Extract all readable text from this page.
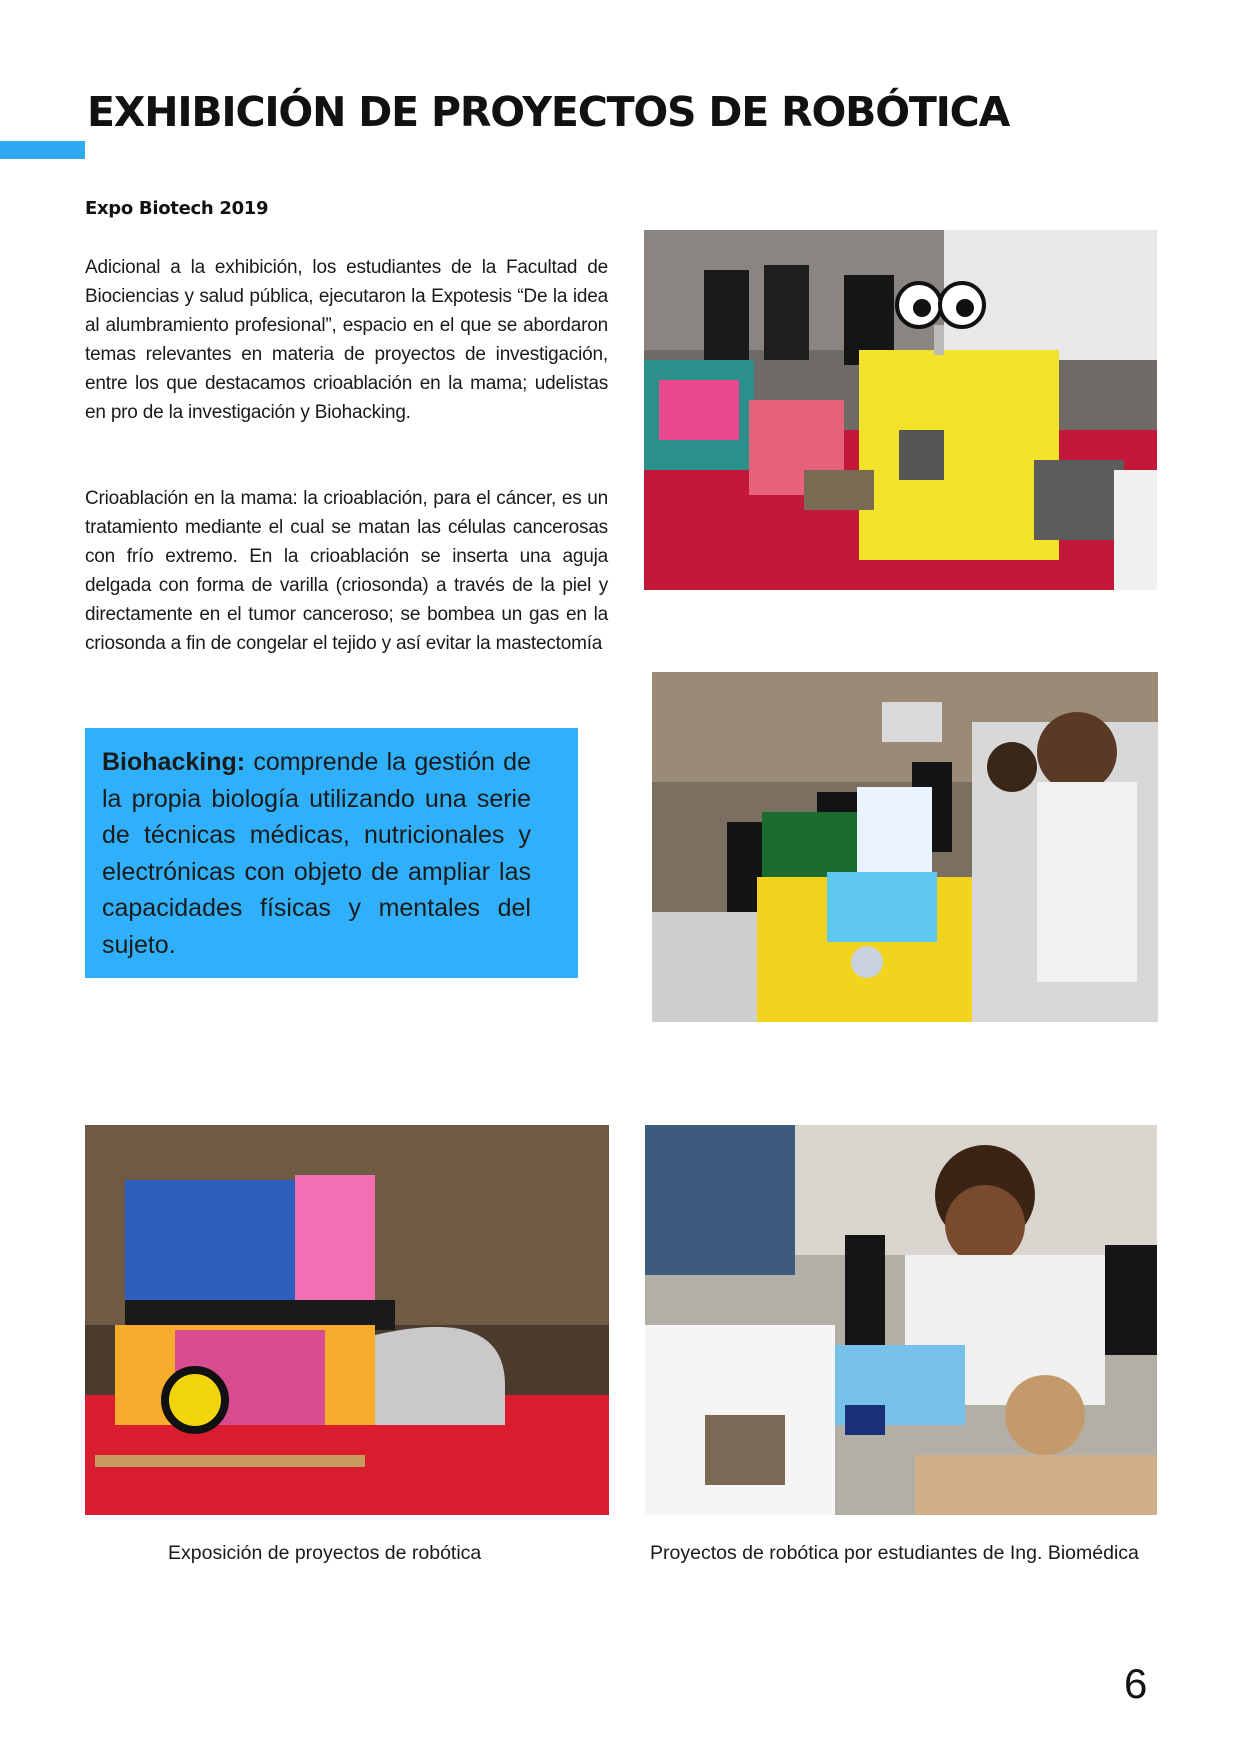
EXHIBICIÓN DE PROYECTOS DE ROBÓTICA
Expo Biotech 2019

Adicional a la exhibición, los estudiantes de la Facultad de Biociencias y salud pública, ejecutaron la Expotesis “De la idea al alumbramiento profesional”, espacio en el que se abordaron temas relevantes en materia de proyectos de investigación, entre los que destacamos crioablación en la mama; udelistas en pro de la investigación y Biohacking.

Crioablación en la mama: la crioablación, para el cáncer, es un tratamiento mediante el cual se matan las células cancerosas con frío extremo. En la crioablación se inserta una aguja delgada con forma de varilla (criosonda) a través de la piel y directamente en el tumor canceroso; se bombea un gas en la criosonda a fin de congelar el tejido y así evitar la mastectomía

Biohacking: comprende la gestión de la propia biología utilizando una serie de técnicas médicas, nutricionales y electrónicas con objeto de ampliar las capacidades físicas y mentales del sujeto.

Exposición de proyectos de robótica	Proyectos de robótica por estudiantes de Ing. Biomédica

6
